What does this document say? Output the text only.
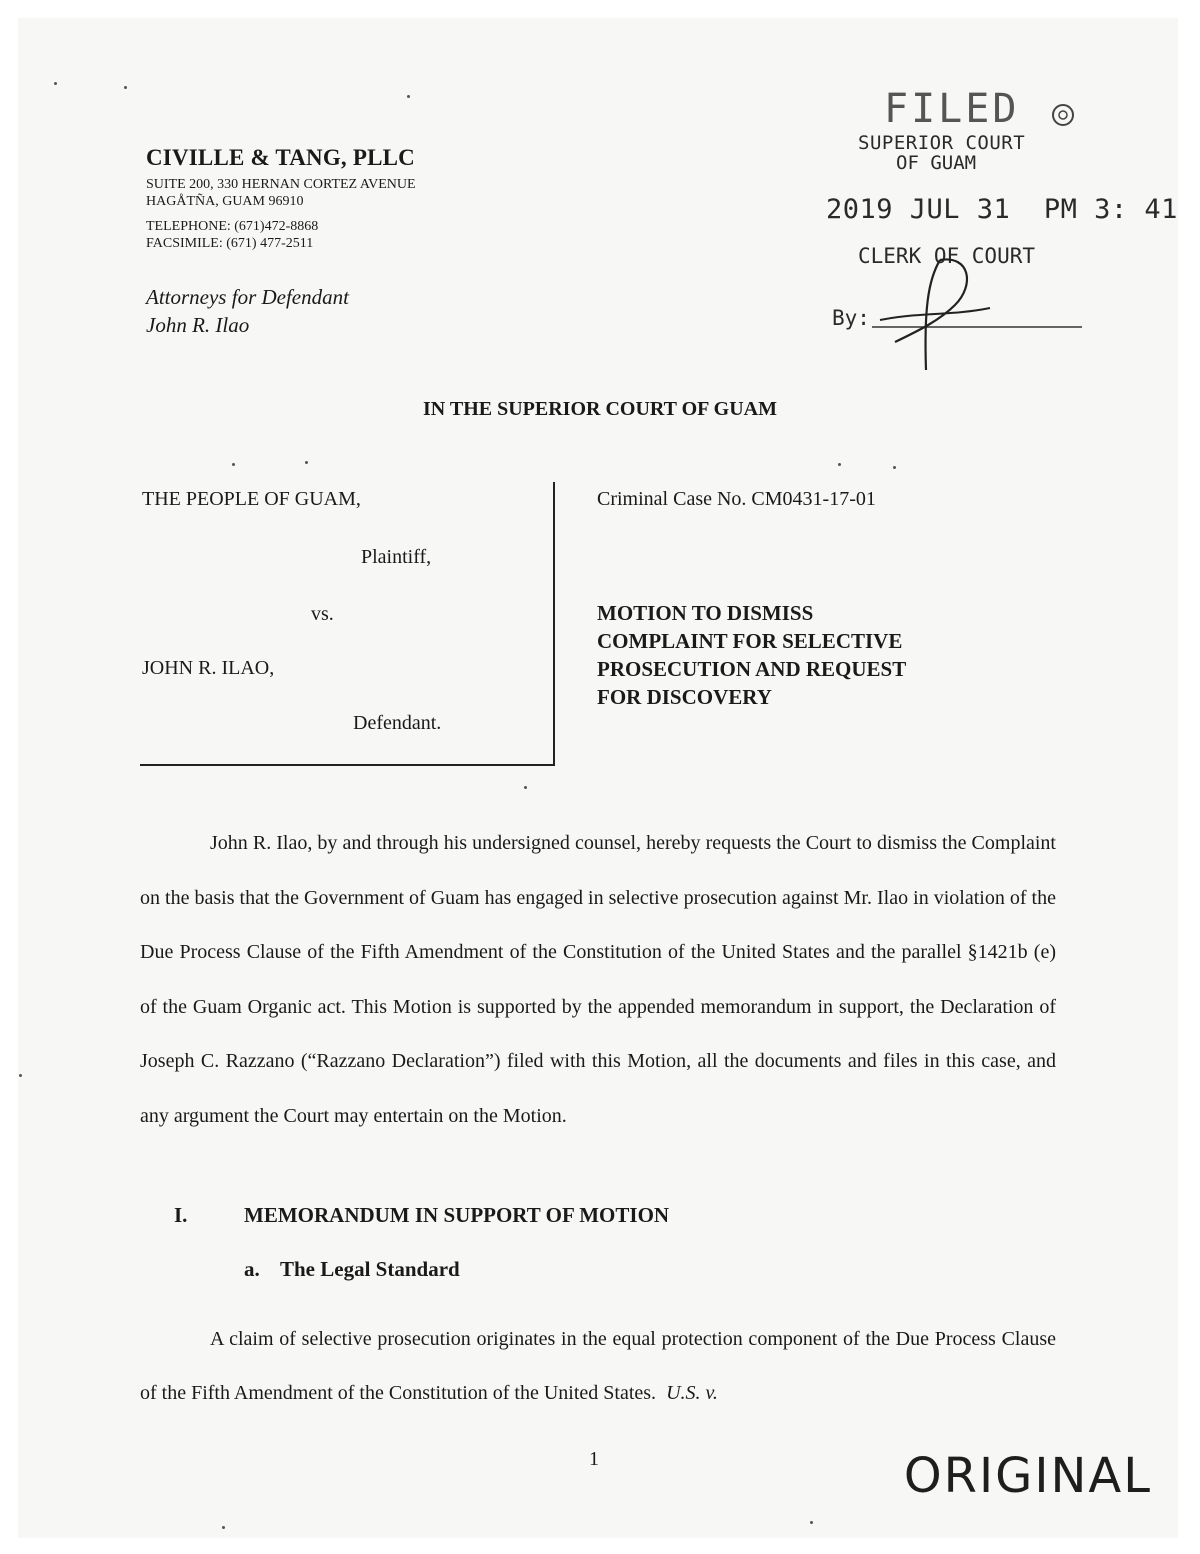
CIVILLE & TANG, PLLC
SUITE 200, 330 HERNAN CORTEZ AVENUE
HAGÅTÑA, GUAM 96910
TELEPHONE: (671)472-8868
FACSIMILE: (671) 477-2511
Attorneys for Defendant
John R. Ilao
FILED
SUPERIOR COURT
OF GUAM
2019 JUL 31  PM 3: 41
CLERK OF COURT
By:
IN THE SUPERIOR COURT OF GUAM
THE PEOPLE OF GUAM,
Plaintiff,
vs.
JOHN R. ILAO,
Defendant.
Criminal Case No. CM0431-17-01
MOTION TO DISMISS
COMPLAINT FOR SELECTIVE
PROSECUTION AND REQUEST
FOR DISCOVERY

John R. Ilao, by and through his undersigned counsel, hereby requests the Court to dismiss the Complaint on the basis that the Government of Guam has engaged in selective prosecution against Mr. Ilao in violation of the Due Process Clause of the Fifth Amendment of the Constitution of the United States and the parallel §1421b (e) of the Guam Organic act. This Motion is supported by the appended memorandum in support, the Declaration of Joseph C. Razzano (“Razzano Declaration”) filed with this Motion, all the documents and files in this case, and any argument the Court may entertain on the Motion.

I.	MEMORANDUM IN SUPPORT OF MOTION
a. The Legal Standard

A claim of selective prosecution originates in the equal protection component of the Due Process Clause of the Fifth Amendment of the Constitution of the United States. U.S. v.

1	ORIGINAL
